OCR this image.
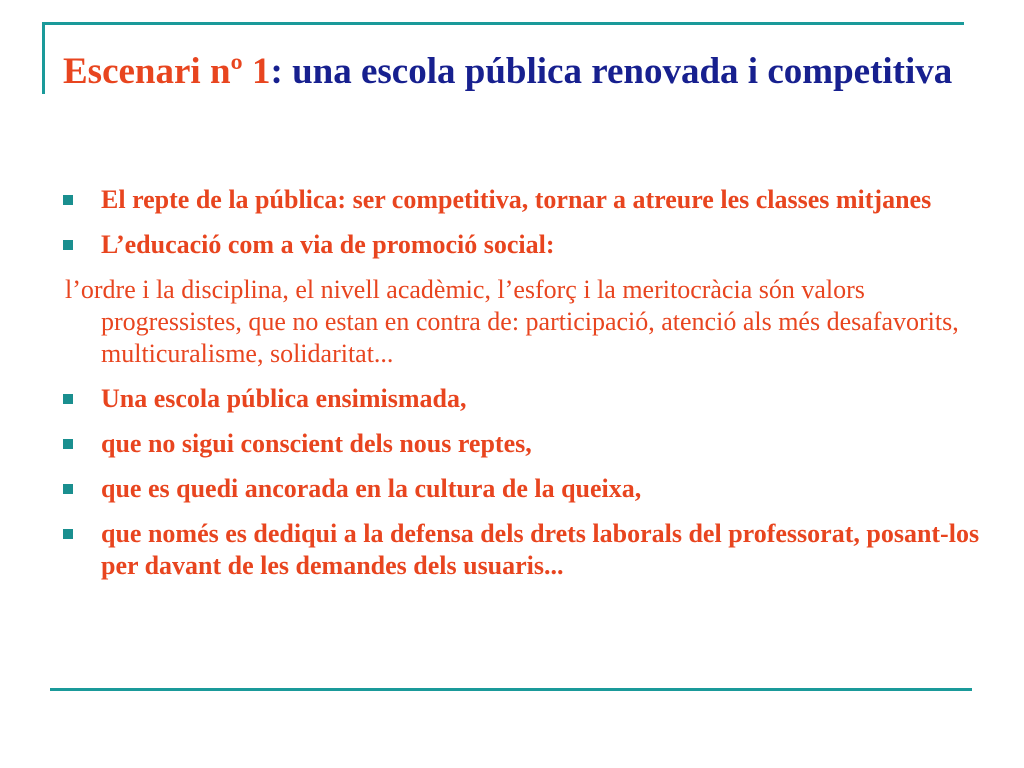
Escenari nº 1: una escola pública renovada i competitiva
El repte de la pública: ser competitiva, tornar a atreure les classes mitjanes
L’educació com a via de promoció social:
l’ordre i la disciplina, el nivell acadèmic, l’esforç i la meritocràcia són valors progressistes, que no estan en contra de: participació, atenció als més desafavorits, multicuralisme, solidaritat...
Una escola pública ensimismada,
que no sigui conscient dels nous reptes,
que es quedi ancorada en la cultura de la queixa,
que només es dediqui a la defensa dels drets laborals del professorat, posant-los per davant de les demandes dels usuaris...
